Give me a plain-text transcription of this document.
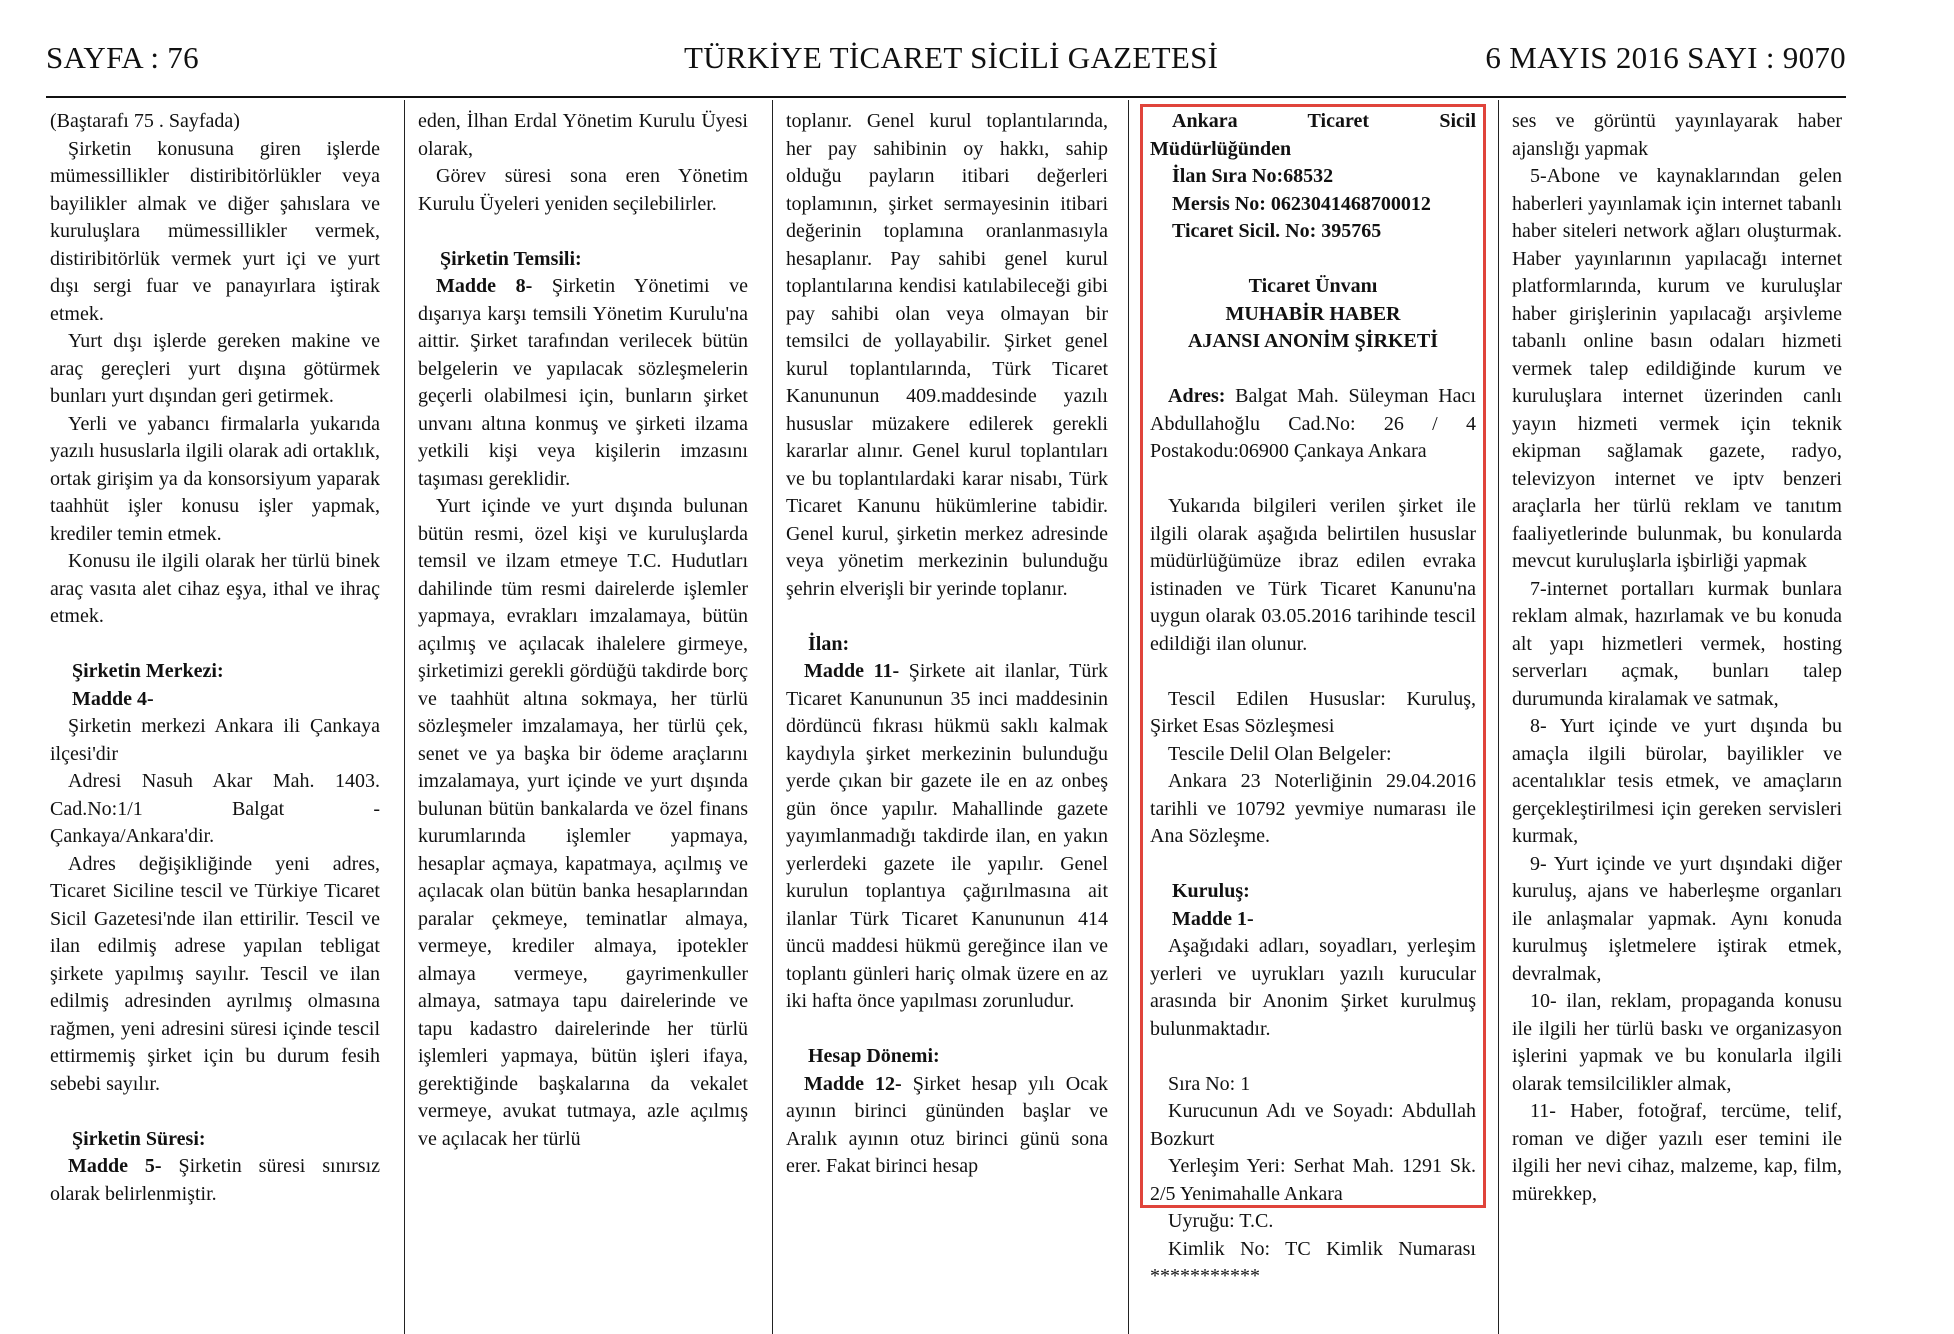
SAYFA : 76	TÜRKİYE TİCARET SİCİLİ GAZETESİ	6 MAYIS 2016 SAYI : 9070

(Baştarafı 75 . Sayfada)

Şirketin konusuna giren işlerde mümessillikler distiribitörlükler veya bayilikler almak ve diğer şahıslara ve kuruluşlara mümessillikler vermek, distiribitörlük vermek yurt içi ve yurt dışı sergi fuar ve panayırlara iştirak etmek.

Yurt dışı işlerde gereken makine ve araç gereçleri yurt dışına götürmek bunları yurt dışından geri getirmek.

Yerli ve yabancı firmalarla yukarıda yazılı hususlarla ilgili olarak adi ortaklık, ortak girişim ya da konsorsiyum yaparak taahhüt işler konusu işler yapmak, krediler temin etmek.

Konusu ile ilgili olarak her türlü binek araç vasıta alet cihaz eşya, ithal ve ihraç etmek.

Şirketin Merkezi:

Madde 4-

Şirketin merkezi Ankara ili Çankaya ilçesi'dir

Adresi Nasuh Akar Mah. 1403. Cad.No:1/1 Balgat - Çankaya/Ankara'dir.

Adres değişikliğinde yeni adres, Ticaret Siciline tescil ve Türkiye Ticaret Sicil Gazetesi'nde ilan ettirilir. Tescil ve ilan edilmiş adrese yapılan tebligat şirkete yapılmış sayılır. Tescil ve ilan edilmiş adresinden ayrılmış olmasına rağmen, yeni adresini süresi içinde tescil ettirmemiş şirket için bu durum fesih sebebi sayılır.

Şirketin Süresi:

Madde 5- Şirketin süresi sınırsız olarak belirlenmiştir.

eden, İlhan Erdal Yönetim Kurulu Üyesi olarak,

Görev süresi sona eren Yönetim Kurulu Üyeleri yeniden seçilebilirler.

Şirketin Temsili:

Madde 8- Şirketin Yönetimi ve dışarıya karşı temsili Yönetim Kurulu'na aittir. Şirket tarafından verilecek bütün belgelerin ve yapılacak sözleşmelerin geçerli olabilmesi için, bunların şirket unvanı altına konmuş ve şirketi ilzama yetkili kişi veya kişilerin imzasını taşıması gereklidir.

Yurt içinde ve yurt dışında bulunan bütün resmi, özel kişi ve kuruluşlarda temsil ve ilzam etmeye T.C. Hudutları dahilinde tüm resmi dairelerde işlemler yapmaya, evrakları imzalamaya, bütün açılmış ve açılacak ihalelere girmeye, şirketimizi gerekli gördüğü takdirde borç ve taahhüt altına sokmaya, her türlü sözleşmeler imzalamaya, her türlü çek, senet ve ya başka bir ödeme araçlarını imzalamaya, yurt içinde ve yurt dışında bulunan bütün bankalarda ve özel finans kurumlarında işlemler yapmaya, hesaplar açmaya, kapatmaya, açılmış ve açılacak olan bütün banka hesaplarından paralar çekmeye, teminatlar almaya, vermeye, krediler almaya, ipotekler almaya vermeye, gayrimenkuller almaya, satmaya tapu dairelerinde ve tapu kadastro dairelerinde her türlü işlemleri yapmaya, bütün işleri ifaya, gerektiğinde başkalarına da vekalet vermeye, avukat tutmaya, azle açılmış ve açılacak her türlü

toplanır. Genel kurul toplantılarında, her pay sahibinin oy hakkı, sahip olduğu payların itibari değerleri toplamının, şirket sermayesinin itibari değerinin toplamına oranlanmasıyla hesaplanır. Pay sahibi genel kurul toplantılarına kendisi katılabileceği gibi pay sahibi olan veya olmayan bir temsilci de yollayabilir. Şirket genel kurul toplantılarında, Türk Ticaret Kanununun 409.maddesinde yazılı hususlar müzakere edilerek gerekli kararlar alınır. Genel kurul toplantıları ve bu toplantılardaki karar nisabı, Türk Ticaret Kanunu hükümlerine tabidir. Genel kurul, şirketin merkez adresinde veya yönetim merkezinin bulunduğu şehrin elverişli bir yerinde toplanır.

İlan:

Madde 11- Şirkete ait ilanlar, Türk Ticaret Kanununun 35 inci maddesinin dördüncü fıkrası hükmü saklı kalmak kaydıyla şirket merkezinin bulunduğu yerde çıkan bir gazete ile en az onbeş gün önce yapılır. Mahallinde gazete yayımlanmadığı takdirde ilan, en yakın yerlerdeki gazete ile yapılır. Genel kurulun toplantıya çağırılmasına ait ilanlar Türk Ticaret Kanununun 414 üncü maddesi hükmü gereğince ilan ve toplantı günleri hariç olmak üzere en az iki hafta önce yapılması zorunludur.

Hesap Dönemi:

Madde 12- Şirket hesap yılı Ocak ayının birinci gününden başlar ve Aralık ayının otuz birinci günü sona erer. Fakat birinci hesap

Ankara Ticaret Sicil Müdürlüğünden

İlan Sıra No:68532

Mersis No: 0623041468700012

Ticaret Sicil. No: 395765

Ticaret Ünvanı

MUHABİR HABER

AJANSI ANONİM ŞİRKETİ

Adres: Balgat Mah. Süleyman Hacı Abdullahoğlu Cad.No: 26 / 4 Postakodu:06900 Çankaya Ankara

Yukarıda bilgileri verilen şirket ile ilgili olarak aşağıda belirtilen hususlar müdürlüğümüze ibraz edilen evraka istinaden ve Türk Ticaret Kanunu'na uygun olarak 03.05.2016 tarihinde tescil edildiği ilan olunur.

Tescil Edilen Hususlar: Kuruluş, Şirket Esas Sözleşmesi

Tescile Delil Olan Belgeler:

Ankara 23 Noterliğinin 29.04.2016 tarihli ve 10792 yevmiye numarası ile Ana Sözleşme.

Kuruluş:

Madde 1-

Aşağıdaki adları, soyadları, yerleşim yerleri ve uyrukları yazılı kurucular arasında bir Anonim Şirket kurulmuş bulunmaktadır.

Sıra No: 1

Kurucunun Adı ve Soyadı: Abdullah Bozkurt

Yerleşim Yeri: Serhat Mah. 1291 Sk. 2/5 Yenimahalle Ankara

Uyruğu: T.C.

Kimlik No: TC Kimlik Numarası ***********

ses ve görüntü yayınlayarak haber ajanslığı yapmak

5-Abone ve kaynaklarından gelen haberleri yayınlamak için internet tabanlı haber siteleri network ağları oluşturmak. Haber yayınlarının yapılacağı internet platformlarında, kurum ve kuruluşlar haber girişlerinin yapılacağı arşivleme tabanlı online basın odaları hizmeti vermek talep edildiğinde kurum ve kuruluşlara internet üzerinden canlı yayın hizmeti vermek için teknik ekipman sağlamak gazete, radyo, televizyon internet ve iptv benzeri araçlarla her türlü reklam ve tanıtım faaliyetlerinde bulunmak, bu konularda mevcut kuruluşlarla işbirliği yapmak

7-internet portalları kurmak bunlara reklam almak, hazırlamak ve bu konuda alt yapı hizmetleri vermek, hosting serverları açmak, bunları talep durumunda kiralamak ve satmak,

8- Yurt içinde ve yurt dışında bu amaçla ilgili bürolar, bayilikler ve acentalıklar tesis etmek, ve amaçların gerçekleştirilmesi için gereken servisleri kurmak,

9- Yurt içinde ve yurt dışındaki diğer kuruluş, ajans ve haberleşme organları ile anlaşmalar yapmak. Aynı konuda kurulmuş işletmelere iştirak etmek, devralmak,

10- ilan, reklam, propaganda konusu ile ilgili her türlü baskı ve organizasyon işlerini yapmak ve bu konularla ilgili olarak temsilcilikler almak,

11- Haber, fotoğraf, tercüme, telif, roman ve diğer yazılı eser temini ile ilgili her nevi cihaz, malzeme, kap, film, mürekkep,
